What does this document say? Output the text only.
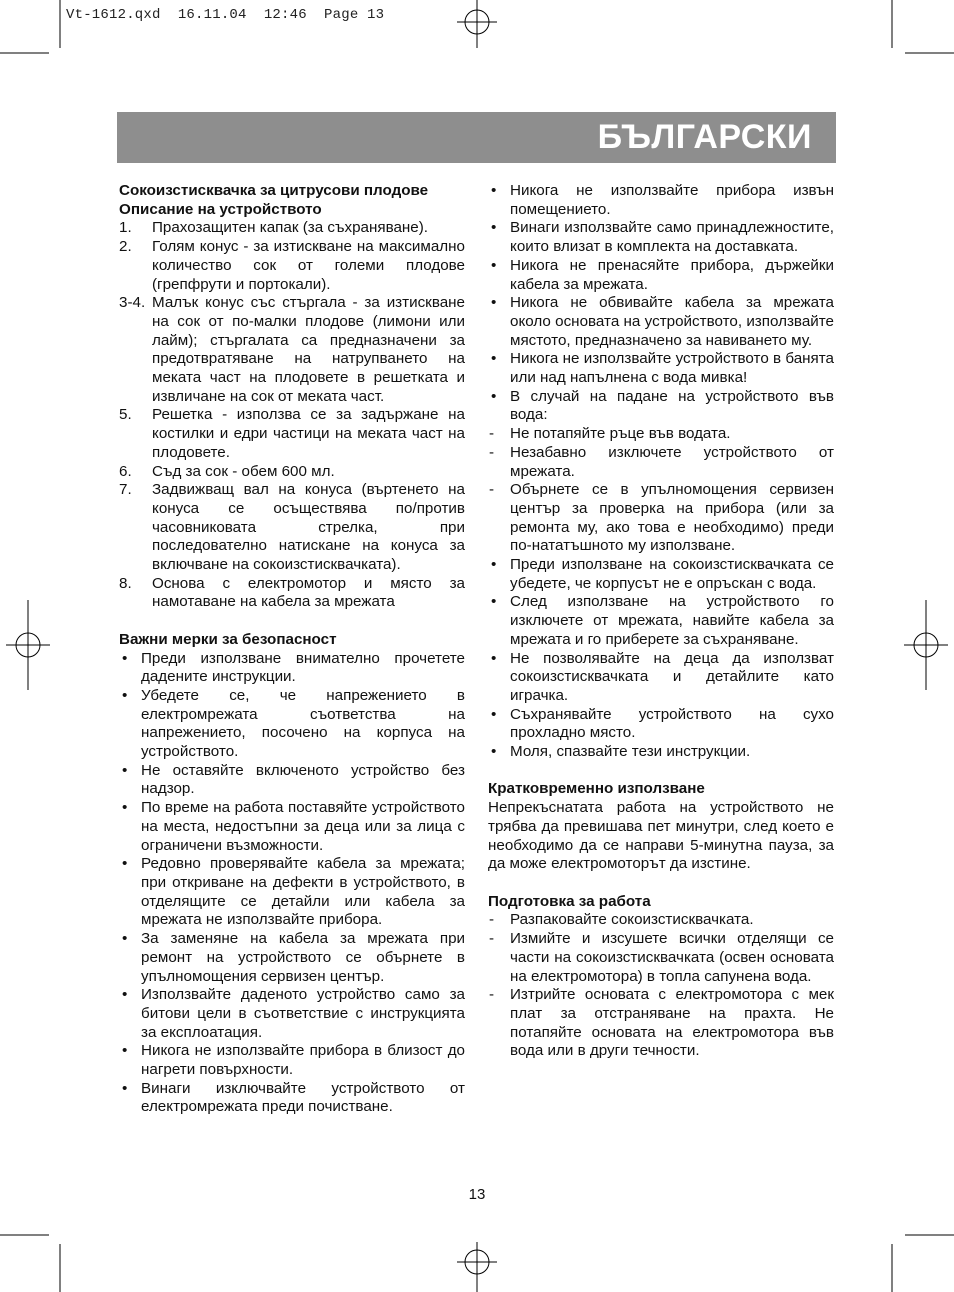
Vt-1612.qxd  16.11.04  12:46  Page 13
БЪЛГАРСКИ
Сокоизстисквачка за цитрусови плодове
Описание на устройството
1. Прахозащитен капак (за съхраняване).
2. Голям конус - за изтискване на максимално количество сок от големи плодове (грепфрути и портокали).
3-4. Малък конус със стъргала - за изтискване на сок от по-малки плодове (лимони или лайм); стъргалата са предназначени за предотвратяване на натрупването на меката част на плодовете в решетката и извличане на сок от меката част.
5. Решетка - използва се за задържане на костилки и едри частици на меката част на плодовете.
6. Съд за сок - обем 600 мл.
7. Задвижващ вал на конуса (въртенето на конуса се осъществява по/против часовниковата стрелка, при последователно натискане на конуса за включване на сокоизстисквачката).
8. Основа с електромотор и място за намотаване на кабела за мрежата
Важни мерки за безопасност
• Преди използване внимателно прочетете дадените инструкции.
• Убедете се, че напрежението в електромрежата съответства на напрежението, посочено на корпуса на устройството.
• Не оставяйте включеното устройство без надзор.
• По време на работа поставяйте устройството на места, недостъпни за деца или за лица с ограничени възможности.
• Редовно проверявайте кабела за мрежата; при откриване на дефекти в устройството, в отделящите се детайли или кабела за мрежата не използвайте прибора.
• За заменяне на кабела за мрежата при ремонт на устройството се обърнете в упълномощения сервизен център.
• Използвайте даденото устройство само за битови цели в съответствие с инструкцията за експлоатация.
• Никога не използвайте прибора в близост до нагрети повърхности.
• Винаги изключвайте устройството от електромрежата преди почистване.
• Никога не използвайте прибора извън помещението.
• Винаги използвайте само принадлежностите, които влизат в комплекта на доставката.
• Никога не пренасяйте прибора, държейки кабела за мрежата.
• Никога не обвивайте кабела за мрежата около основата на устройството, използвайте мястото, предназначено за навиването му.
• Никога не използвайте устройството в банята или над напълнена с вода мивка!
• В случай на падане на устройството във вода:
- Не потапяйте ръце във водата.
- Незабавно изключете устройството от мрежата.
- Обърнете се в упълномощения сервизен център за проверка на прибора (или за ремонта му, ако това е необходимо) преди по-нататъшното му използване.
• Преди използване на сокоизстисквачката се убедете, че корпусът не е опръскан с вода.
• След използване на устройството го изключете от мрежата, навийте кабела за мрежата и го приберете за съхраняване.
• Не позволявайте на деца да използват сокоизстисквачката и детайлите като играчка.
• Съхранявайте устройството на сухо прохладно място.
• Моля, спазвайте тези инструкции.
Кратковременно използване
Непрекъснатата работа на устройството не трябва да превишава пет минутри, след което е необходимо да се направи 5-минутна пауза, за да може електромоторът да изстине.
Подготовка за работа
- Разпаковайте сокоизстисквачката.
- Измийте и изсушете всички отделящи се части на сокоизстисквачката (освен основата на електромотора) в топла сапунена вода.
- Изтрийте основата с електромотора с мек плат за отстраняване на прахта. Не потапяйте основата на електромотора във вода или в други течности.
13
